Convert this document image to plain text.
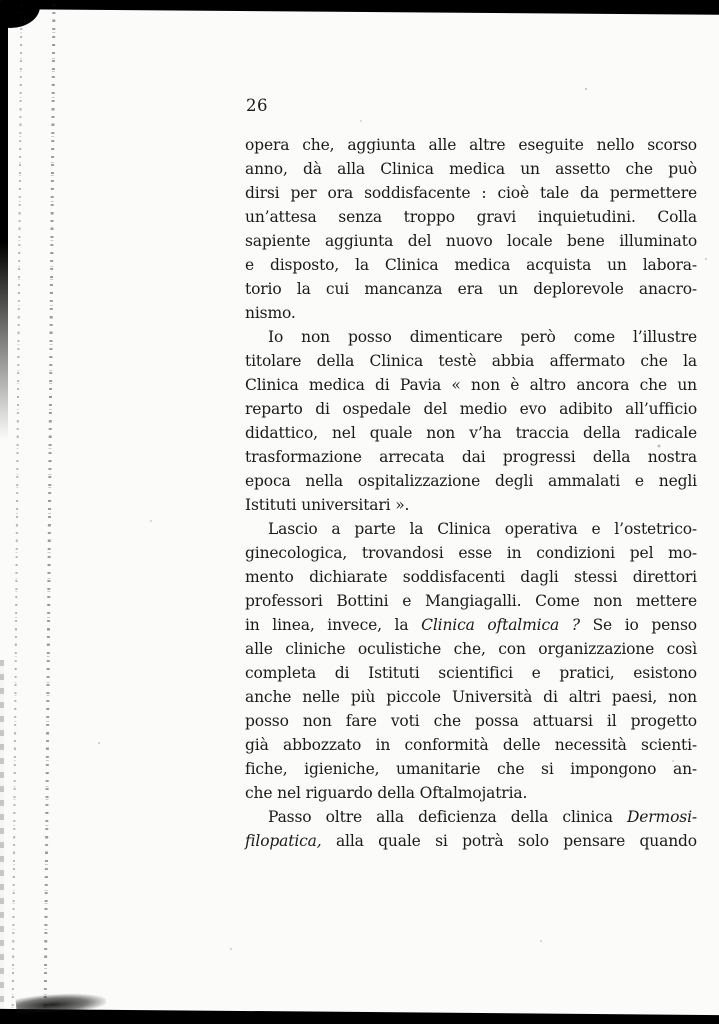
26
opera che, aggiunta alle altre eseguite nello scorso
anno, dà alla Clinica medica un assetto che può
dirsi per ora soddisfacente : cioè tale da permettere
un’attesa senza troppo gravi inquietudini. Colla
sapiente aggiunta del nuovo locale bene illuminato
e disposto, la Clinica medica acquista un labora-
torio la cui mancanza era un deplorevole anacro-
nismo.
Io non posso dimenticare però come l’illustre
titolare della Clinica testè abbia affermato che la
Clinica medica di Pavia « non è altro ancora che un
reparto di ospedale del medio evo adibito all’ufficio
didattico, nel quale non v’ha traccia della radicale
trasformazione arrecata dai progressi della nostra
epoca nella ospitalizzazione degli ammalati e negli
Istituti universitari ».
Lascio a parte la Clinica operativa e l’ostetrico-
ginecologica, trovandosi esse in condizioni pel mo-
mento dichiarate soddisfacenti dagli stessi direttori
professori Bottini e Mangiagalli. Come non mettere
in linea, invece, la Clinica oftalmica ? Se io penso
alle cliniche oculistiche che, con organizzazione così
completa di Istituti scientifici e pratici, esistono
anche nelle più piccole Università di altri paesi, non
posso non fare voti che possa attuarsi il progetto
già abbozzato in conformità delle necessità scienti-
fiche, igieniche, umanitarie che si impongono an-
che nel riguardo della Oftalmojatria.
Passo oltre alla deficienza della clinica Dermosi-
filopatica, alla quale si potrà solo pensare quando
